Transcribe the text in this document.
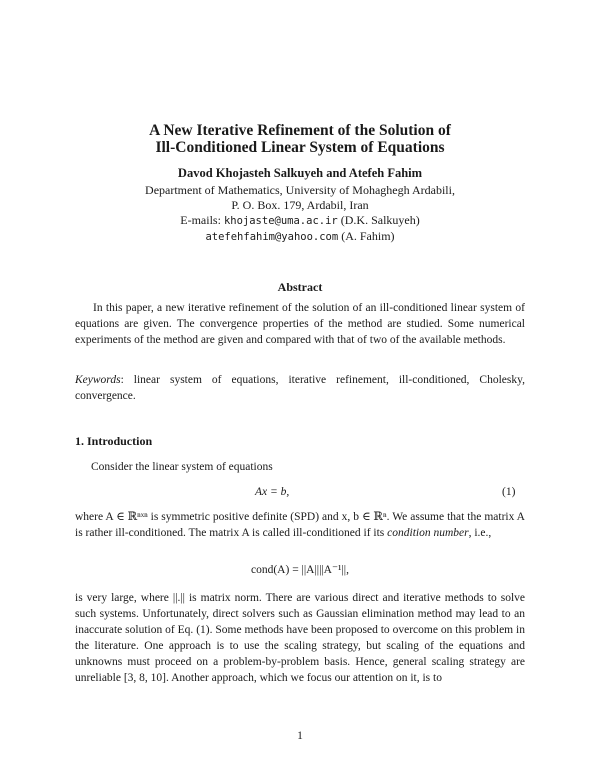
A New Iterative Refinement of the Solution of
Ill-Conditioned Linear System of Equations
Davod Khojasteh Salkuyeh and Atefeh Fahim
Department of Mathematics, University of Mohaghegh Ardabili,
P. O. Box. 179, Ardabil, Iran
E-mails: khojaste@uma.ac.ir (D.K. Salkuyeh)
atefehfahim@yahoo.com (A. Fahim)
Abstract
In this paper, a new iterative refinement of the solution of an ill-conditioned linear system of equations are given. The convergence properties of the method are studied. Some numerical experiments of the method are given and compared with that of two of the available methods.
Keywords: linear system of equations, iterative refinement, ill-conditioned, Cholesky, convergence.
1. Introduction
Consider the linear system of equations
Ax = b,	(1)
where A ∈ ℝⁿˣⁿ is symmetric positive definite (SPD) and x, b ∈ ℝⁿ. We assume that the matrix A is rather ill-conditioned. The matrix A is called ill-conditioned if its condition number, i.e.,
cond(A) = ||A||||A⁻¹||,
is very large, where ||.|| is matrix norm. There are various direct and iterative methods to solve such systems. Unfortunately, direct solvers such as Gaussian elimination method may lead to an inaccurate solution of Eq. (1). Some methods have been proposed to overcome on this problem in the literature. One approach is to use the scaling strategy, but scaling of the equations and unknowns must proceed on a problem-by-problem basis. Hence, general scaling strategy are unreliable [3, 8, 10]. Another approach, which we focus our attention on it, is to
1
